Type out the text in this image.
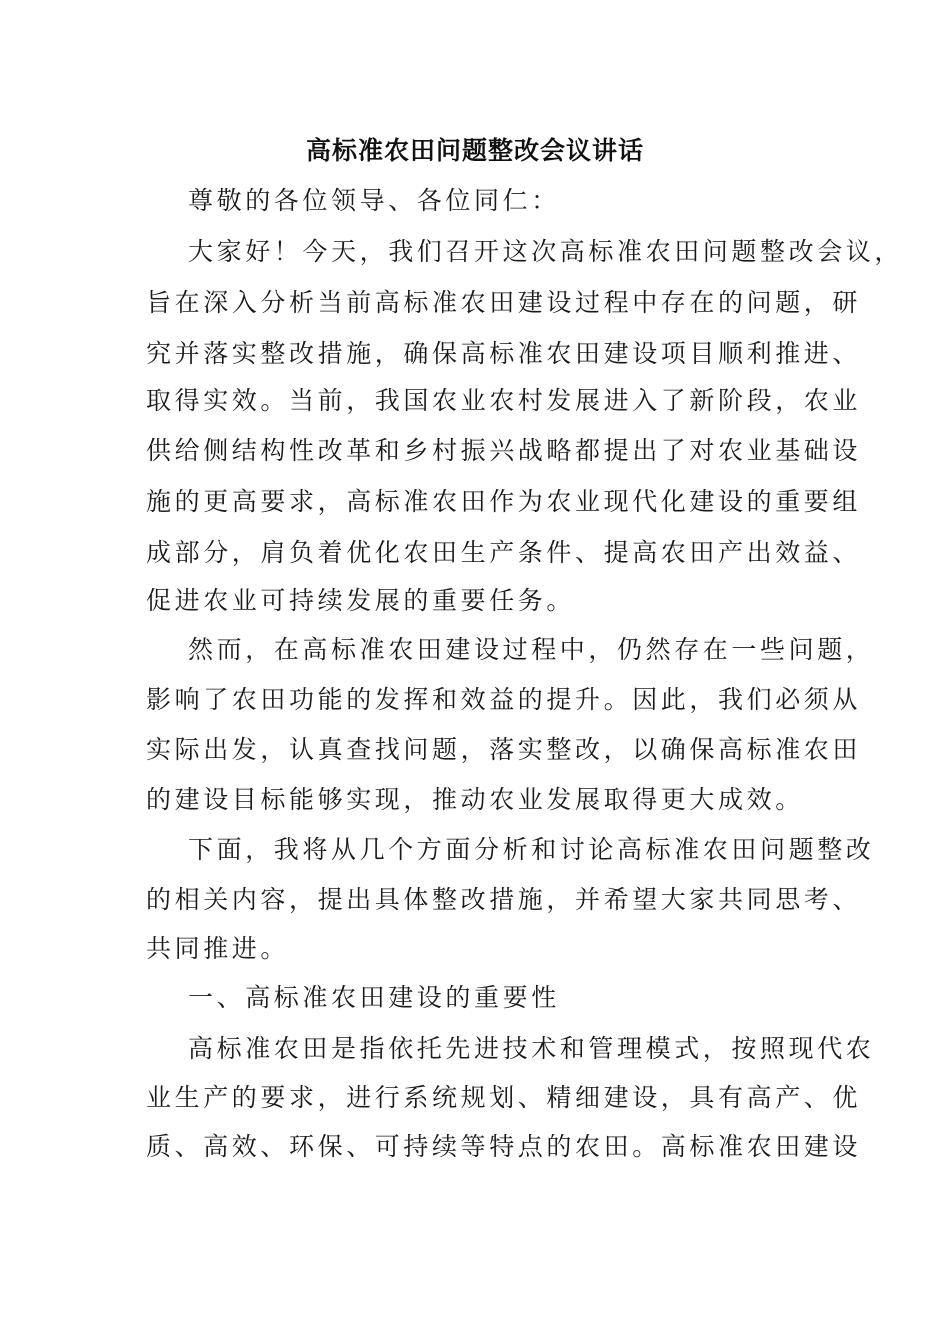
高标准农田问题整改会议讲话

尊敬的各位领导、各位同仁：

大家好！今天，我们召开这次高标准农田问题整改会议，

旨在深入分析当前高标准农田建设过程中存在的问题，研

究并落实整改措施，确保高标准农田建设项目顺利推进、

取得实效。当前，我国农业农村发展进入了新阶段，农业

供给侧结构性改革和乡村振兴战略都提出了对农业基础设

施的更高要求，高标准农田作为农业现代化建设的重要组

成部分，肩负着优化农田生产条件、提高农田产出效益、

促进农业可持续发展的重要任务。

然而，在高标准农田建设过程中，仍然存在一些问题，

影响了农田功能的发挥和效益的提升。因此，我们必须从

实际出发，认真查找问题，落实整改，以确保高标准农田

的建设目标能够实现，推动农业发展取得更大成效。

下面，我将从几个方面分析和讨论高标准农田问题整改

的相关内容，提出具体整改措施，并希望大家共同思考、

共同推进。

一、高标准农田建设的重要性

高标准农田是指依托先进技术和管理模式，按照现代农

业生产的要求，进行系统规划、精细建设，具有高产、优

质、高效、环保、可持续等特点的农田。高标准农田建设
